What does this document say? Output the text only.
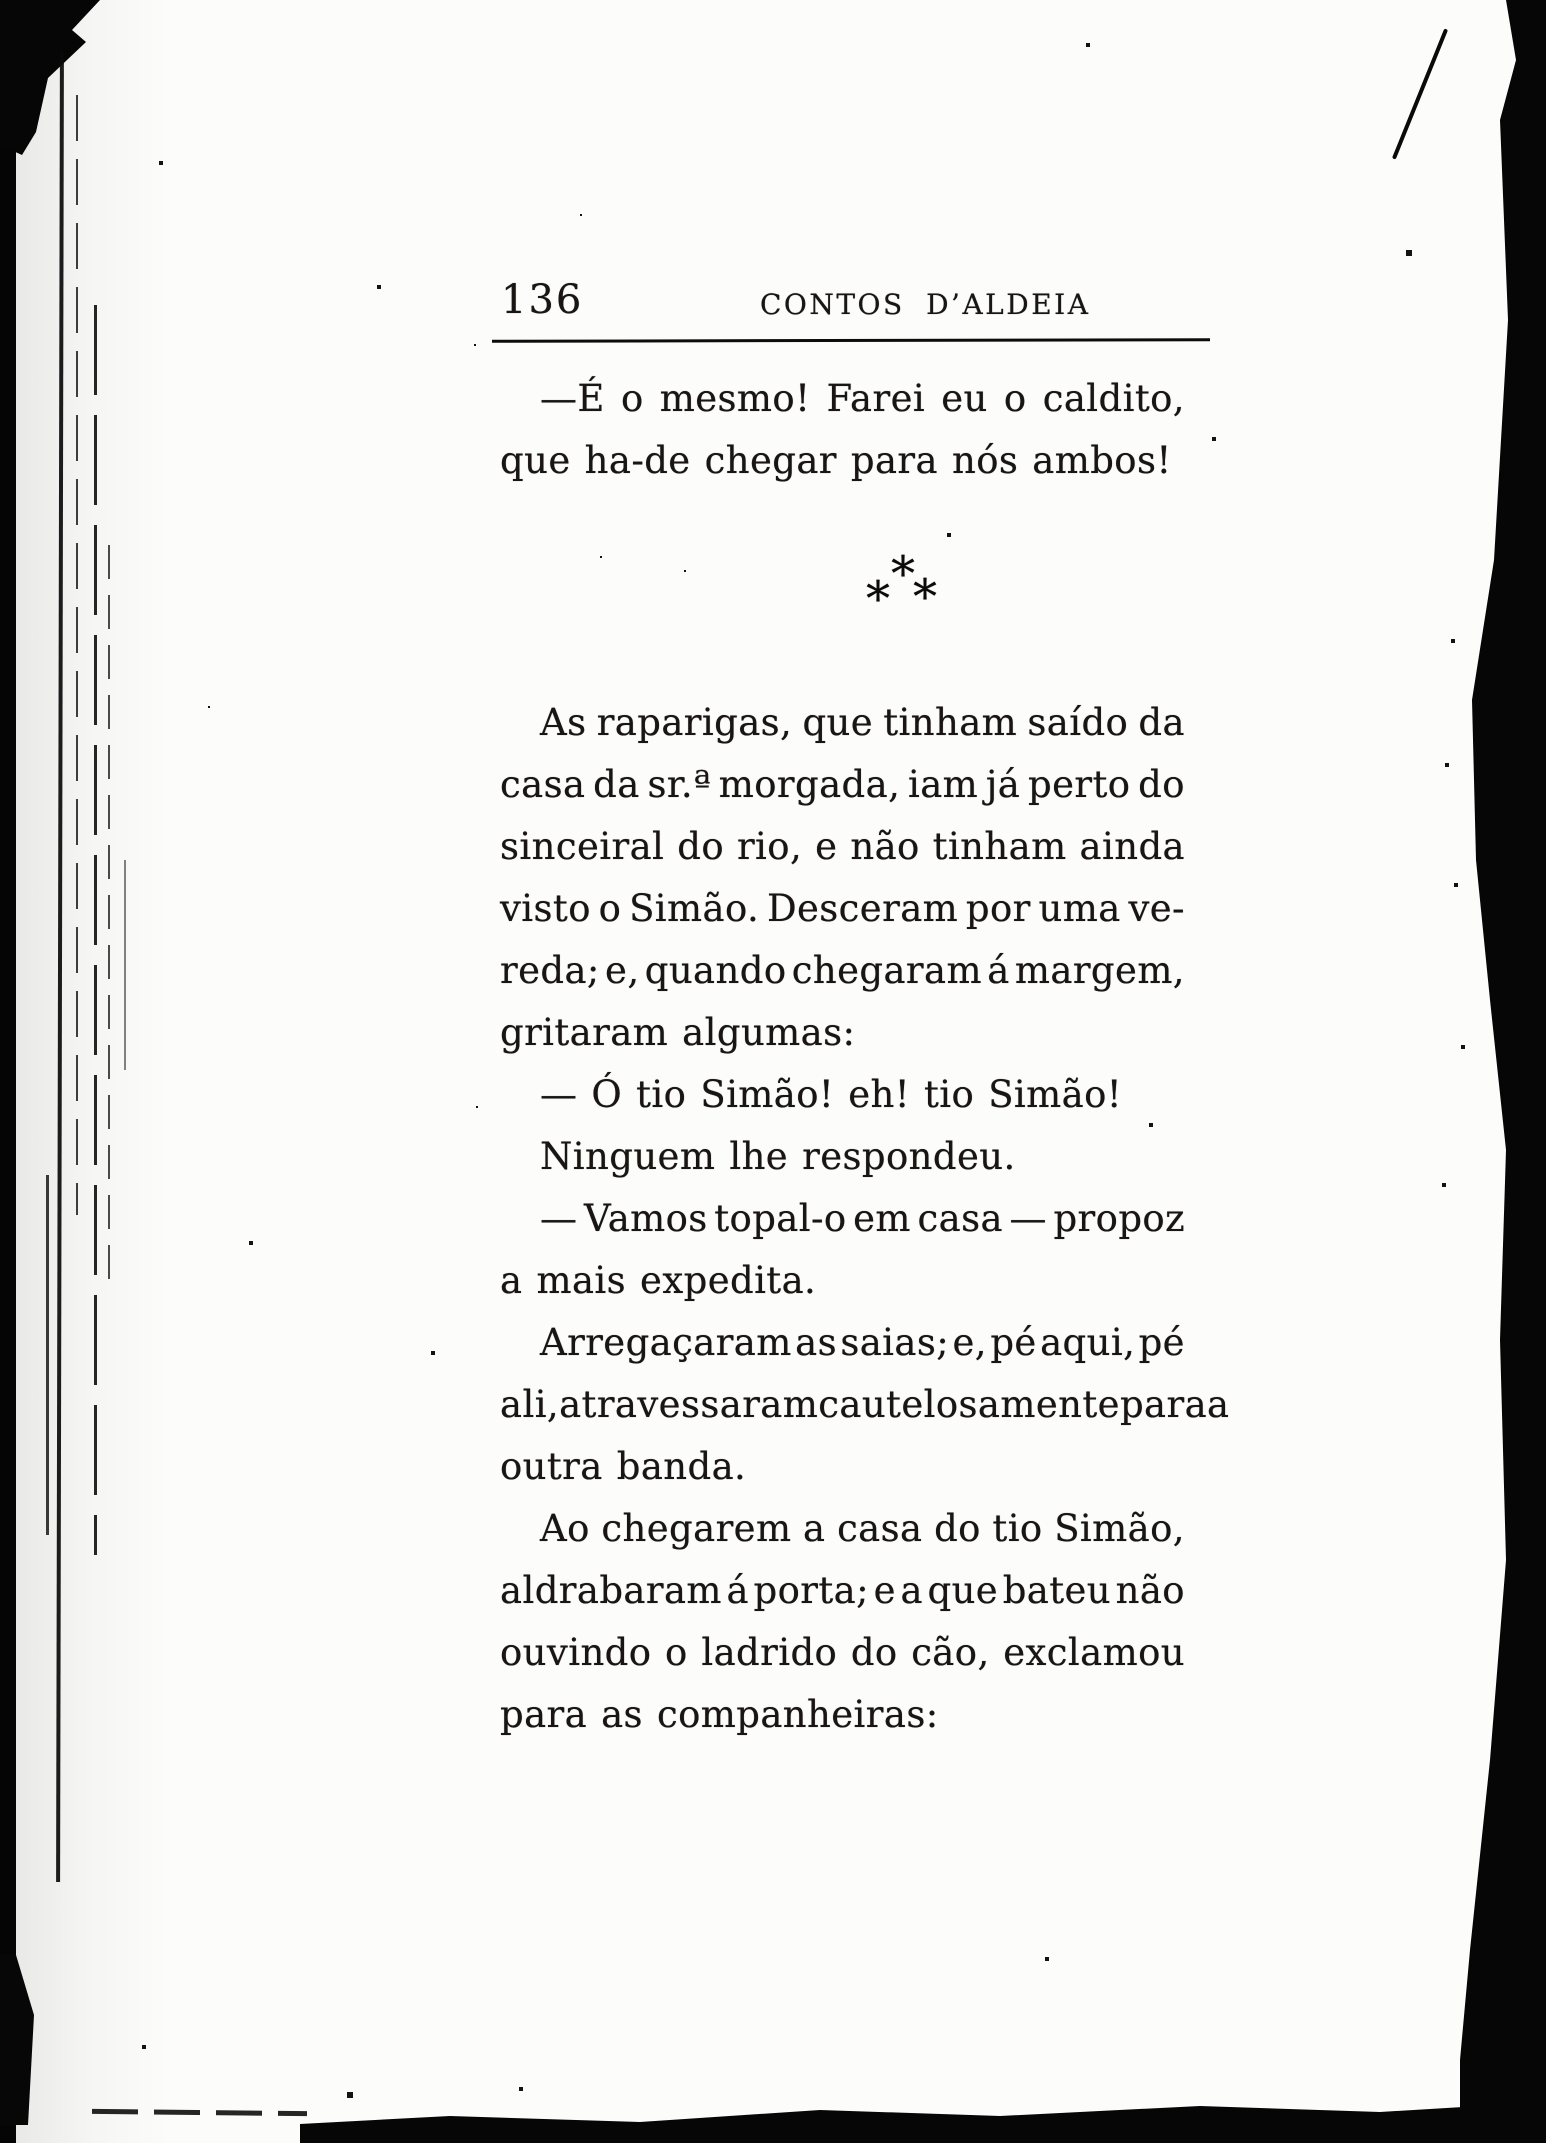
136	CONTOS D’ALDEIA
—É o mesmo! Farei eu o caldito,
que ha-de chegar para nós ambos!
*
* *
As raparigas, que tinham saído da
casa da sr.ª morgada, iam já perto do
sinceiral do rio, e não tinham ainda
visto o Simão. Desceram por uma ve-
reda; e, quando chegaram á margem,
gritaram algumas:
— Ó tio Simão! eh! tio Simão!
Ninguem lhe respondeu.
— Vamos topal-o em casa — propoz
a mais expedita.
Arregaçaram as saias; e, pé aqui, pé
ali, atravessaram cautelosamente para a
outra banda.
Ao chegarem a casa do tio Simão,
aldrabaram á porta; e a que bateu não
ouvindo o ladrido do cão, exclamou
para as companheiras:
